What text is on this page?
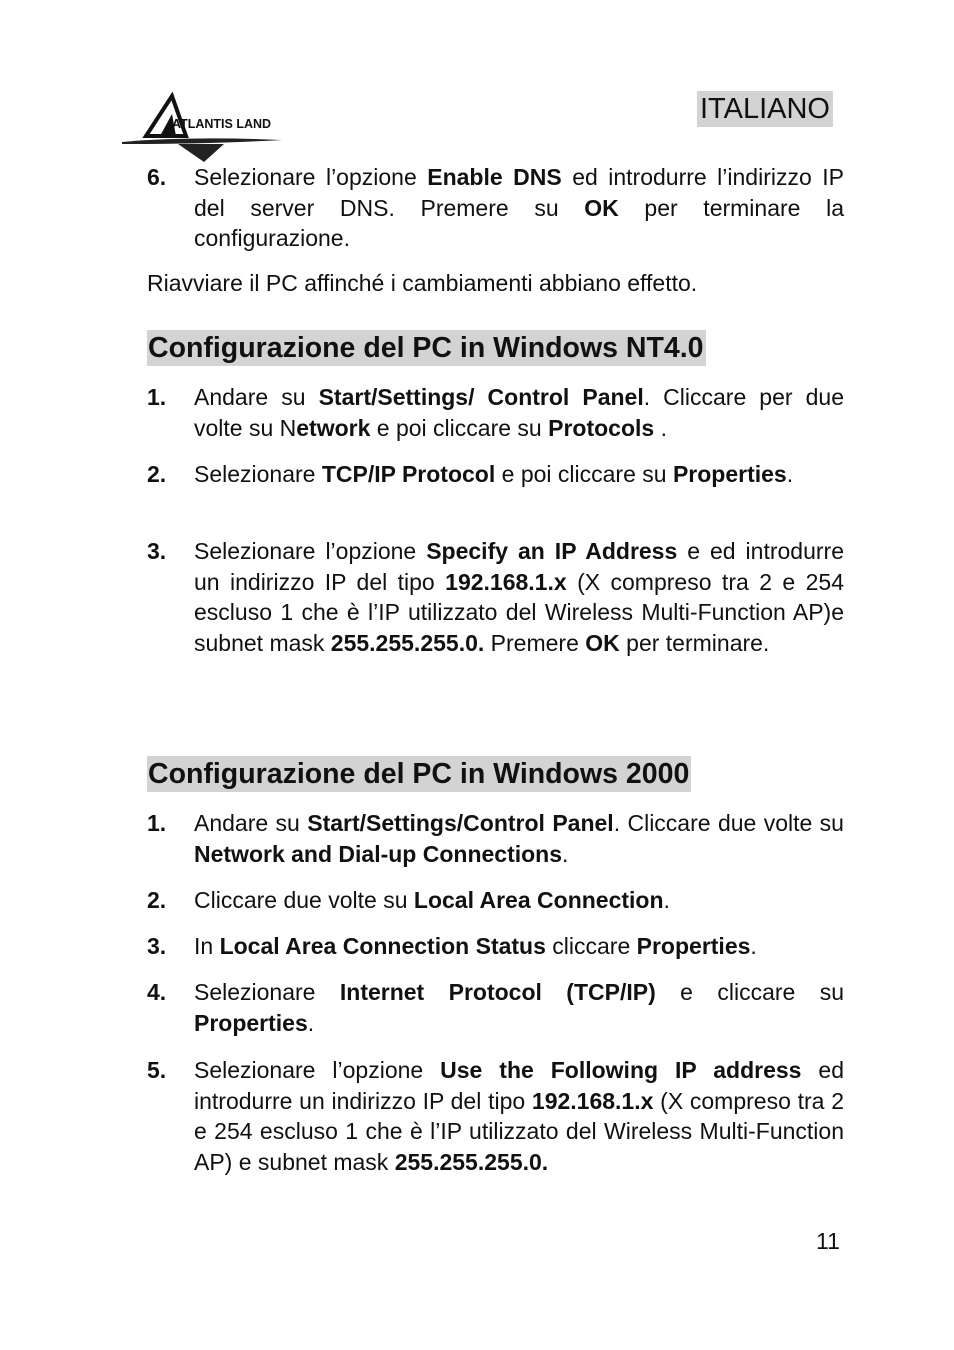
ATLANTIS LAND	ITALIANO
6. Selezionare l’opzione Enable DNS ed introdurre l’indirizzo IP del server DNS. Premere su OK per terminare la configurazione.
Riavviare il PC affinché i cambiamenti abbiano effetto.
Configurazione del PC in Windows NT4.0
1. Andare su Start/Settings/ Control Panel. Cliccare per due volte su Network e poi cliccare su Protocols .
2. Selezionare TCP/IP Protocol e poi cliccare su Properties.
3. Selezionare l’opzione Specify an IP Address e ed introdurre un indirizzo IP del tipo 192.168.1.x (X compreso tra 2 e 254 escluso 1 che è l’IP utilizzato del Wireless Multi-Function AP)e subnet mask 255.255.255.0. Premere OK per terminare.
Configurazione del PC in Windows 2000
1. Andare su Start/Settings/Control Panel. Cliccare due volte su Network and Dial-up Connections.
2. Cliccare due volte su Local Area Connection.
3. In Local Area Connection Status cliccare Properties.
4. Selezionare Internet Protocol (TCP/IP) e cliccare su Properties.
5. Selezionare l’opzione Use the Following IP address ed introdurre un indirizzo IP del tipo 192.168.1.x (X compreso tra 2 e 254 escluso 1 che è l’IP utilizzato del Wireless Multi-Function AP) e subnet mask 255.255.255.0.
11
